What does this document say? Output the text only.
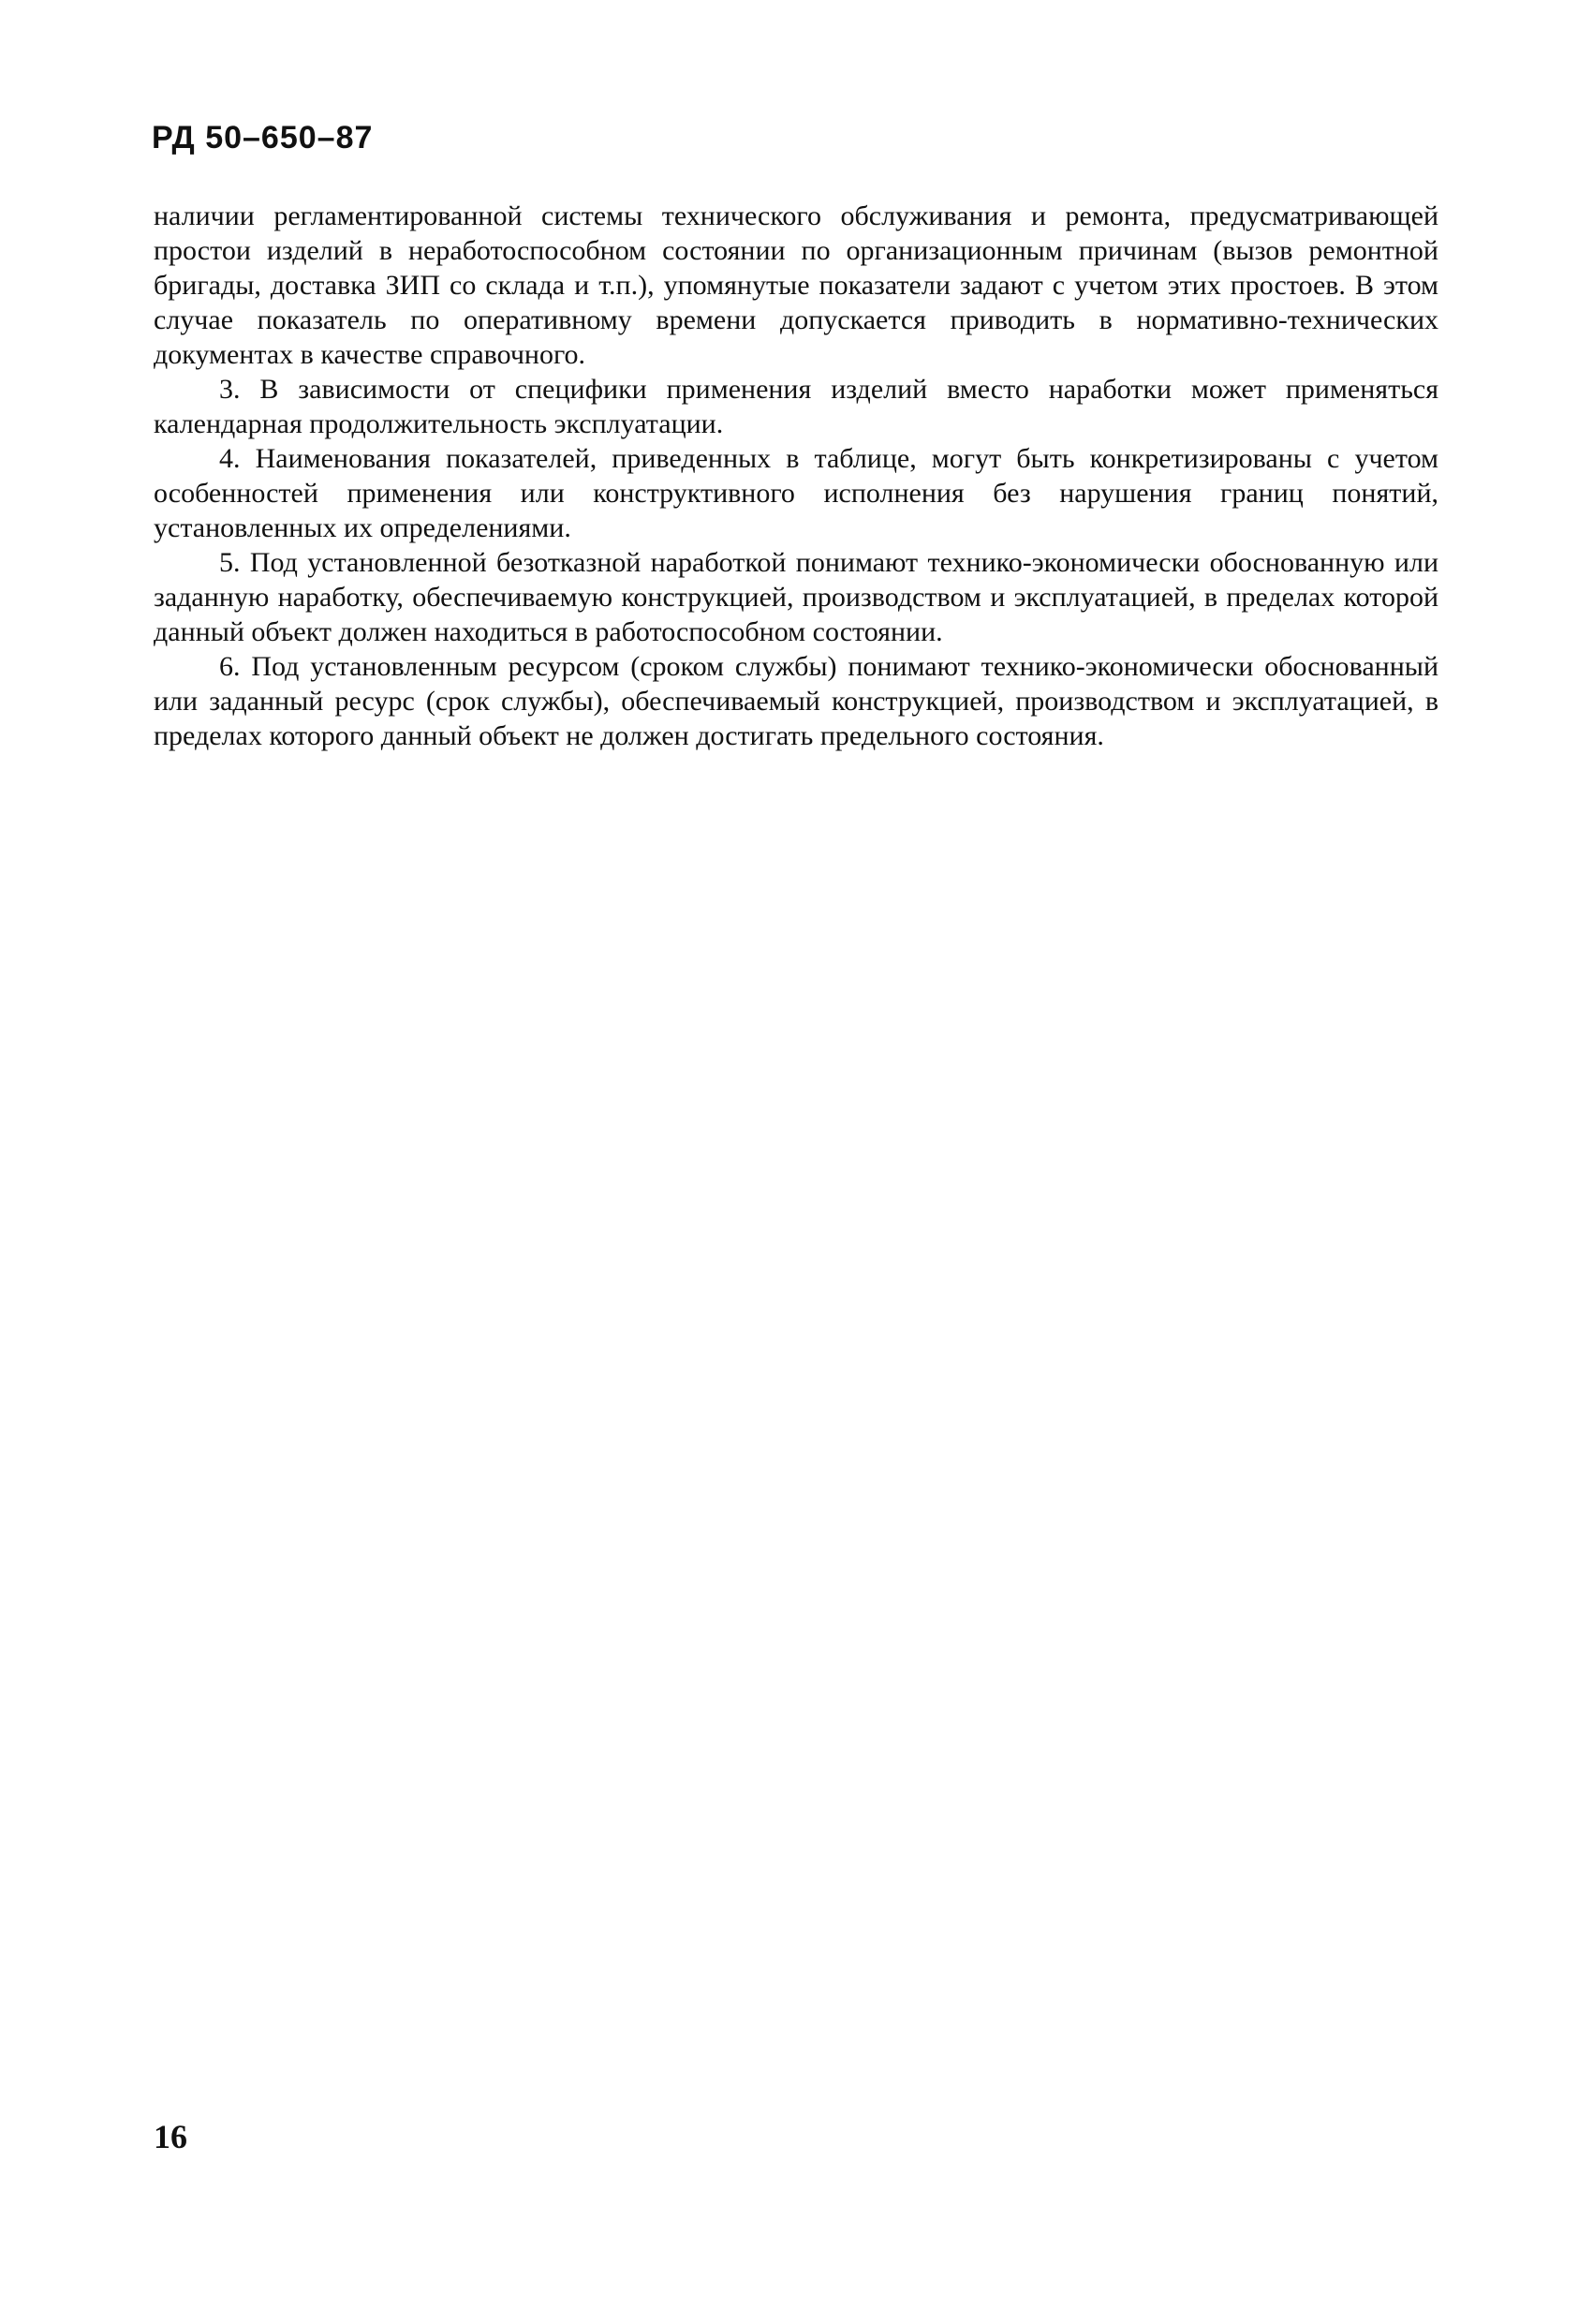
РД 50–650–87

наличии регламентированной системы технического обслуживания и ремонта, предусматривающей простои изделий в неработоспособном состоянии по организационным причинам (вызов ремонтной бригады, доставка ЗИП со склада и т.п.), упомянутые показатели задают с учетом этих простоев. В этом случае показатель по оперативному времени допускается приводить в нормативно-технических документах в качестве справочного.

3. В зависимости от специфики применения изделий вместо наработки может применяться календарная продолжительность эксплуатации.

4. Наименования показателей, приведенных в таблице, могут быть конкретизированы с учетом особенностей применения или конструктивного исполнения без нарушения границ понятий, установленных их определениями.

5. Под установленной безотказной наработкой понимают технико-экономически обоснованную или заданную наработку, обеспечиваемую конструкцией, производством и эксплуатацией, в пределах которой данный объект должен находиться в работоспособном состоянии.

6. Под установленным ресурсом (сроком службы) понимают технико-экономически обоснованный или заданный ресурс (срок службы), обеспечиваемый конструкцией, производством и эксплуатацией, в пределах которого данный объект не должен достигать предельного состояния.

16
